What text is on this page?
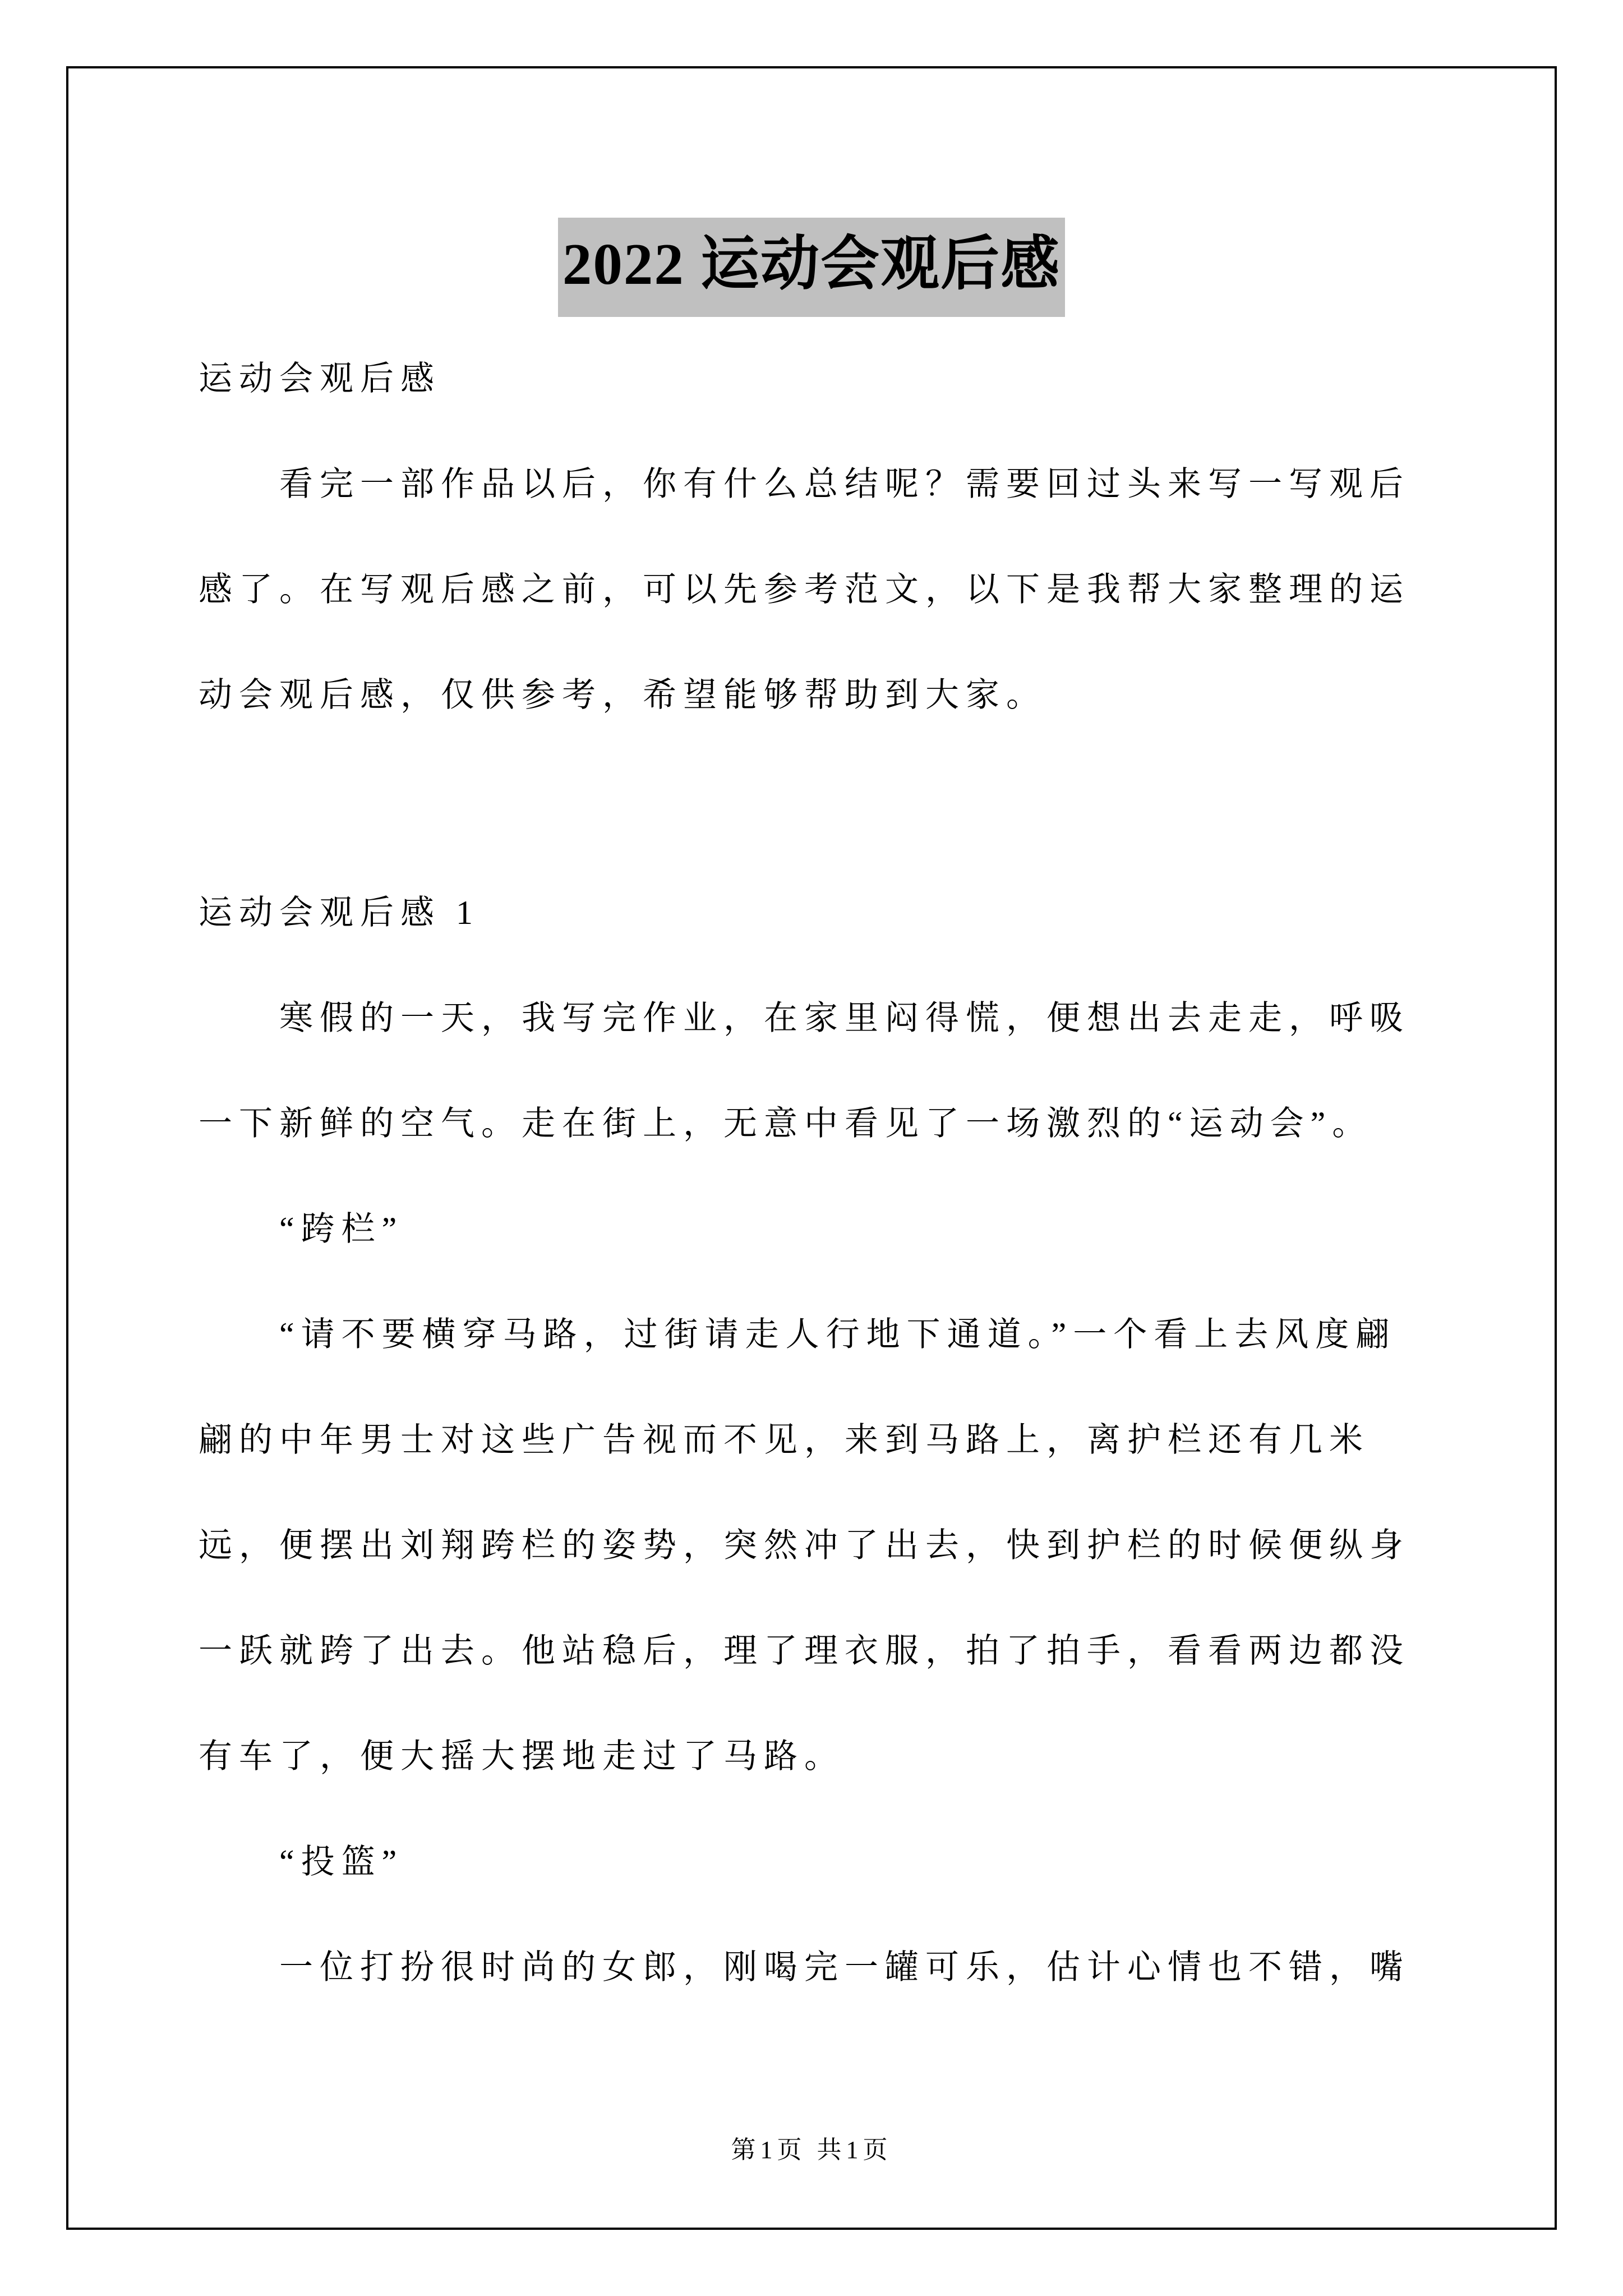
2022 运动会观后感

运动会观后感

看完一部作品以后，你有什么总结呢？需要回过头来写一写观后感了。在写观后感之前，可以先参考范文，以下是我帮大家整理的运动会观后感，仅供参考，希望能够帮助到大家。

运动会观后感 1

寒假的一天，我写完作业，在家里闷得慌，便想出去走走，呼吸一下新鲜的空气。走在街上，无意中看见了一场激烈的“运动会”。

“跨栏”

“请不要横穿马路，过街请走人行地下通道。”一个看上去风度翩翩的中年男士对这些广告视而不见，来到马路上，离护栏还有几米远，便摆出刘翔跨栏的姿势，突然冲了出去，快到护栏的时候便纵身一跃就跨了出去。他站稳后，理了理衣服，拍了拍手，看看两边都没有车了，便大摇大摆地走过了马路。

“投篮”

一位打扮很时尚的女郎，刚喝完一罐可乐，估计心情也不错，嘴

第1页 共1页
